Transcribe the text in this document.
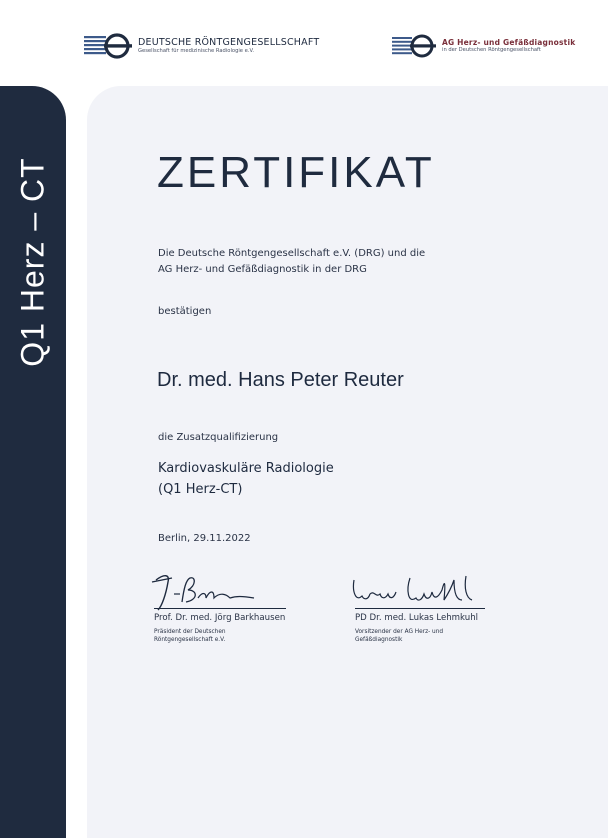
DEUTSCHE RÖNTGENGESELLSCHAFT
Gesellschaft für medizinische Radiologie e.V.
AG Herz- und Gefäßdiagnostik
in der Deutschen Röntgengesellschaft
Q1 Herz – CT ZERTIFIKAT
Die Deutsche Röntgengesellschaft e.V. (DRG) und die
AG Herz- und Gefäßdiagnostik in der DRG
bestätigen
Dr. med. Hans Peter Reuter
die Zusatzqualifizierung
Kardiovaskuläre Radiologie
(Q1 Herz-CT)
Berlin, 29.11.2022
Prof. Dr. med. Jörg Barkhausen
Präsident der Deutschen
Röntgengesellschaft e.V.
PD Dr. med. Lukas Lehmkuhl
Vorsitzender der AG Herz- und
Gefäßdiagnostik
